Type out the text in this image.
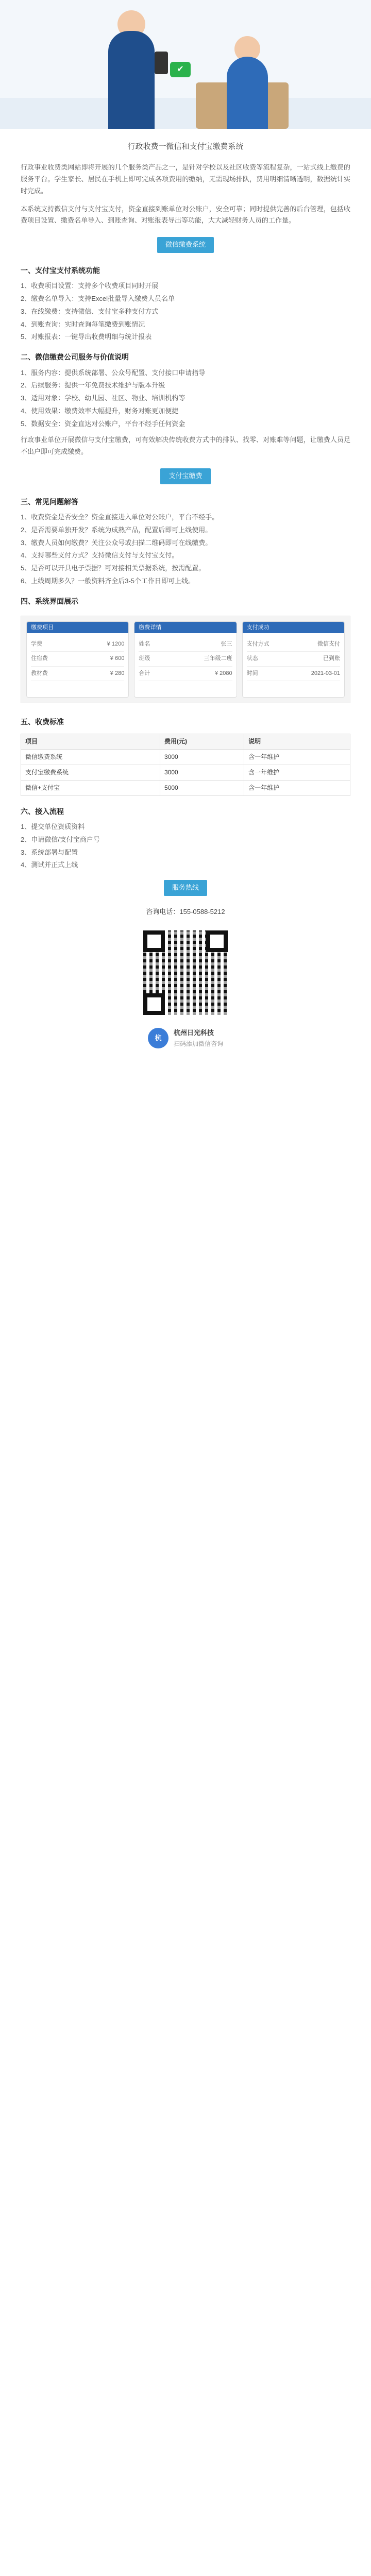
✔
行政收费一微信和支付宝缴费系统

行政事业收费类网站即将开展的几个服务类产品之一，是针对学校以及社区收费等流程复杂，一站式线上缴费的服务平台。学生家长、居民在手机上即可完成各项费用的缴纳，无需现场排队，费用明细清晰透明，数据统计实时完成。

本系统支持微信支付与支付宝支付，资金直接到账单位对公账户，安全可靠；同时提供完善的后台管理，包括收费项目设置、缴费名单导入、到账查询、对账报表导出等功能，大大减轻财务人员的工作量。

微信缴费系统
一、支付宝支付系统功能
1、收费项目设置：支持多个收费项目同时开展
2、缴费名单导入：支持Excel批量导入缴费人员名单
3、在线缴费：支持微信、支付宝多种支付方式
4、到账查询：实时查询每笔缴费到账情况
5、对账报表：一键导出收费明细与统计报表
二、微信缴费公司服务与价值说明
1、服务内容：提供系统部署、公众号配置、支付接口申请指导
2、后续服务：提供一年免费技术维护与版本升级
3、适用对象：学校、幼儿园、社区、物业、培训机构等
4、使用效果：缴费效率大幅提升，财务对账更加便捷
5、数据安全：资金直达对公账户，平台不经手任何资金

行政事业单位开展微信与支付宝缴费，可有效解决传统收费方式中的排队、找零、对账难等问题，让缴费人员足不出户即可完成缴费。

支付宝缴费
三、常见问题解答
1、收费资金是否安全？资金直接进入单位对公账户，平台不经手。
2、是否需要单独开发？系统为成熟产品，配置后即可上线使用。
3、缴费人员如何缴费？关注公众号或扫描二维码即可在线缴费。
4、支持哪些支付方式？支持微信支付与支付宝支付。
5、是否可以开具电子票据？可对接相关票据系统，按需配置。
6、上线周期多久？一般资料齐全后3-5个工作日即可上线。
四、系统界面展示
缴费项目
学费	¥ 1200
住宿费	¥ 600
教材费	¥ 280
缴费详情
姓名	张三
班级	三年级二班
合计	¥ 2080
支付成功
支付方式	微信支付
状态	已到账
时间	2021-03-01
五、收费标准
项目	费用(元)	说明
微信缴费系统	3000	含一年维护
支付宝缴费系统	3000	含一年维护
微信+支付宝	5000	含一年维护
六、接入流程
1、提交单位资质资料
2、申请微信/支付宝商户号
3、系统部署与配置
4、测试并正式上线
服务热线
咨询电话：155-0588-5212
杭
杭州日光科技
扫码添加微信咨询
